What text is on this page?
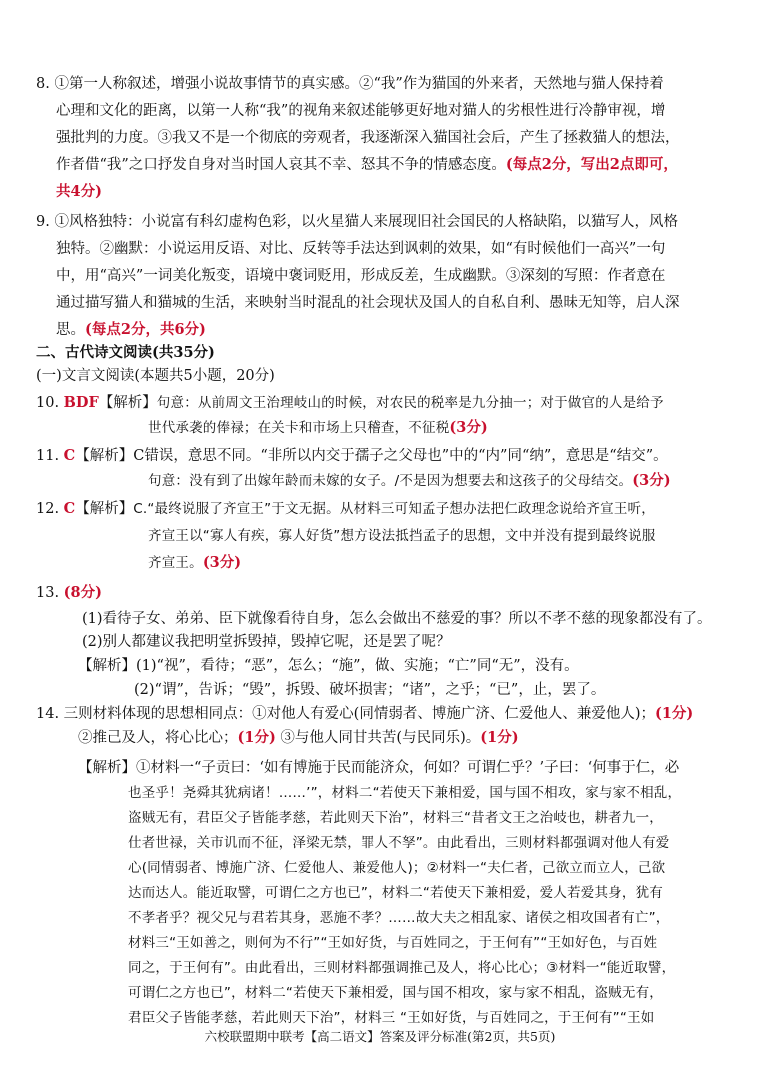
8. ①第一人称叙述，增强小说故事情节的真实感。②“我”作为猫国的外来者，天然地与猫人保持着
心理和文化的距离，以第一人称“我”的视角来叙述能够更好地对猫人的劣根性进行冷静审视，增
强批判的力度。③我又不是一个彻底的旁观者，我逐渐深入猫国社会后，产生了拯救猫人的想法，
作者借“我”之口抒发自身对当时国人哀其不幸、怒其不争的情感态度。(每点2分，写出2点即可，
共4分)
9. ①风格独特：小说富有科幻虚构色彩，以火星猫人来展现旧社会国民的人格缺陷，以猫写人，风格
独特。②幽默：小说运用反语、对比、反转等手法达到讽刺的效果，如“有时候他们一高兴”一句
中，用“高兴”一词美化叛变，语境中褒词贬用，形成反差，生成幽默。③深刻的写照：作者意在
通过描写猫人和猫城的生活，来映射当时混乱的社会现状及国人的自私自利、愚昧无知等，启人深
思。(每点2分，共6分)
二、古代诗文阅读(共35分)
(一)文言文阅读(本题共5小题，20分)
10. BDF【解析】句意：从前周文王治理岐山的时候，对农民的税率是九分抽一；对于做官的人是给予
世代承袭的俸禄；在关卡和市场上只稽查，不征税(3分)
11. C【解析】C错误，意思不同。“非所以内交于孺子之父母也”中的“内”同“纳”，意思是“结交”。
句意：没有到了出嫁年龄而未嫁的女子。/不是因为想要去和这孩子的父母结交。(3分)
12. C【解析】C.“最终说服了齐宣王”于文无据。从材料三可知孟子想办法把仁政理念说给齐宣王听，
齐宣王以“寡人有疾，寡人好货”想方设法抵挡孟子的思想，文中并没有提到最终说服
齐宣王。(3分)
13. (8分)
(1)看待子女、弟弟、臣下就像看待自身，怎么会做出不慈爱的事？所以不孝不慈的现象都没有了。
(2)别人都建议我把明堂拆毁掉，毁掉它呢，还是罢了呢？
【解析】(1)“视”，看待；“恶”，怎么；“施”，做、实施；“亡”同“无”，没有。
(2)“谓”，告诉；“毁”，拆毁、破坏损害；“诸”，之乎；“已”，止，罢了。
14. 三则材料体现的思想相同点：①对他人有爱心(同情弱者、博施广济、仁爱他人、兼爱他人)；(1分)
②推己及人，将心比心；(1分) ③与他人同甘共苦(与民同乐)。(1分)
【解析】①材料一“子贡曰：‘如有博施于民而能济众，何如？可谓仁乎？’子曰：‘何事于仁，必
也圣乎！尧舜其犹病诸！……’”，材料二“若使天下兼相爱，国与国不相攻，家与家不相乱，
盗贼无有，君臣父子皆能孝慈，若此则天下治”，材料三“昔者文王之治岐也，耕者九一，
仕者世禄，关市讥而不征，泽梁无禁，罪人不孥”。由此看出，三则材料都强调对他人有爱
心(同情弱者、博施广济、仁爱他人、兼爱他人)；②材料一“夫仁者，己欲立而立人，己欲
达而达人。能近取譬，可谓仁之方也已”，材料二“若使天下兼相爱，爱人若爱其身，犹有
不孝者乎？视父兄与君若其身，恶施不孝？……故大夫之相乱家、诸侯之相攻国者有亡”，
材料三“王如善之，则何为不行”“王如好货，与百姓同之，于王何有”“王如好色，与百姓
同之，于王何有”。由此看出，三则材料都强调推己及人，将心比心；③材料一“能近取譬，
可谓仁之方也已”，材料二“若使天下兼相爱，国与国不相攻，家与家不相乱，盗贼无有，
君臣父子皆能孝慈，若此则天下治”，材料三 “王如好货，与百姓同之，于王何有”“王如
六校联盟期中联考【高二语文】答案及评分标准(第2页，共5页)
